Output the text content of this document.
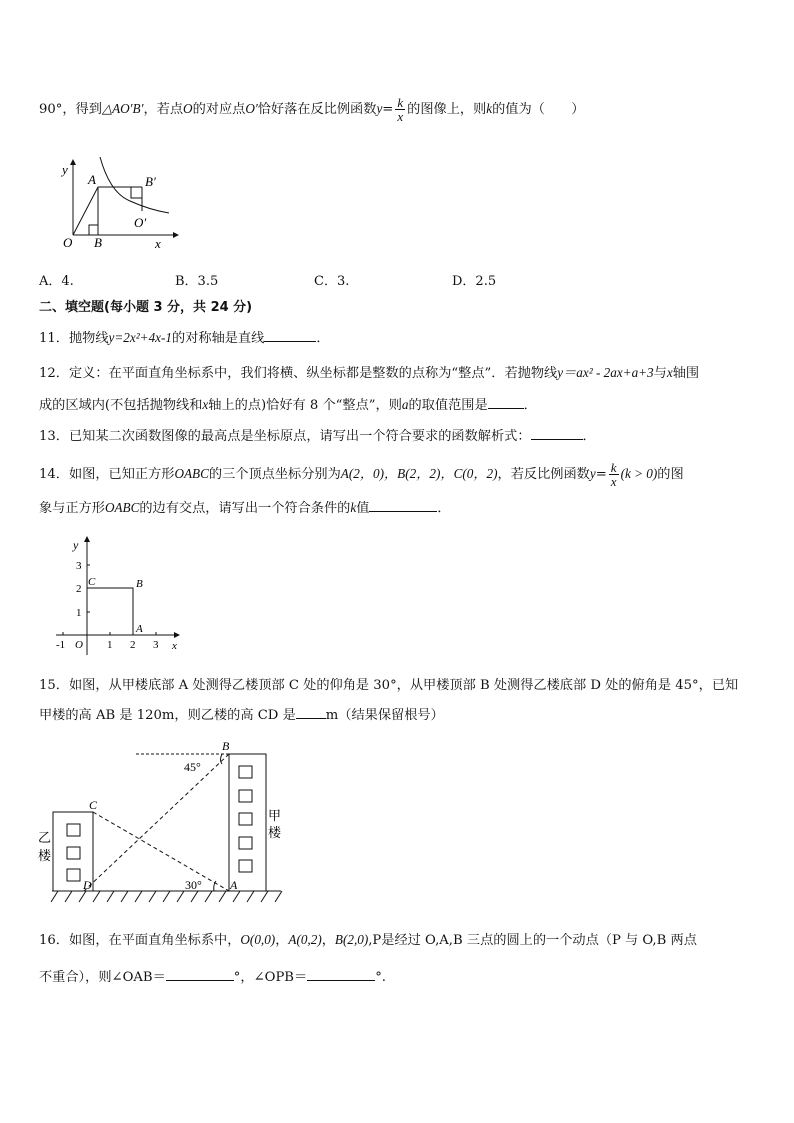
90°，得到△AO′B′，若点O的对应点O′恰好落在反比例函数$y= \frac{k}{x}$ 的图像上，则k的值为（　　）
y
A	B′
O′
O B	x
A．4.	B．3.5	C．3.	D．2.5
二、填空题(每小题 3 分，共 24 分)
11．抛物线y=2x²+4x-1的对称轴是直线	．
12．定义：在平面直角坐标系中，我们将横、纵坐标都是整数的点称为“整点”．若抛物线y＝ax² - 2ax+a+3与x轴围
成的区域内(不包括抛物线和x轴上的点)恰好有 8 个“整点”，则a的取值范围是	．
13．已知某二次函数图像的最高点是坐标原点，请写出一个符合要求的函数解析式：	．
14．如图，已知正方形OABC的三个顶点坐标分别为A(2，0)，B(2，2)，C(0，2)，若反比例函数$y= \frac{k}{x} (k > 0)$的图
象与正方形OABC的边有交点，请写出一个符合条件的k值	．
y
3
2
1
C	B
A
O
-1	1 2 3 x
15．如图，从甲楼底部 A 处测得乙楼顶部 C 处的仰角是 30°，从甲楼顶部 B 处测得乙楼底部 D 处的俯角是 45°，已知
甲楼的高 AB 是 120m，则乙楼的高 CD 是 m（结果保留根号）
B
45°
C
乙
楼
甲
楼
D	30° A
16．如图，在平面直角坐标系中，O(0,0)，A(0,2)，B(2,0),P是经过 O,A,B 三点的圆上的一个动点（P 与 O,B 两点
不重合），则∠OAB＝	°，∠OPB＝	°.
